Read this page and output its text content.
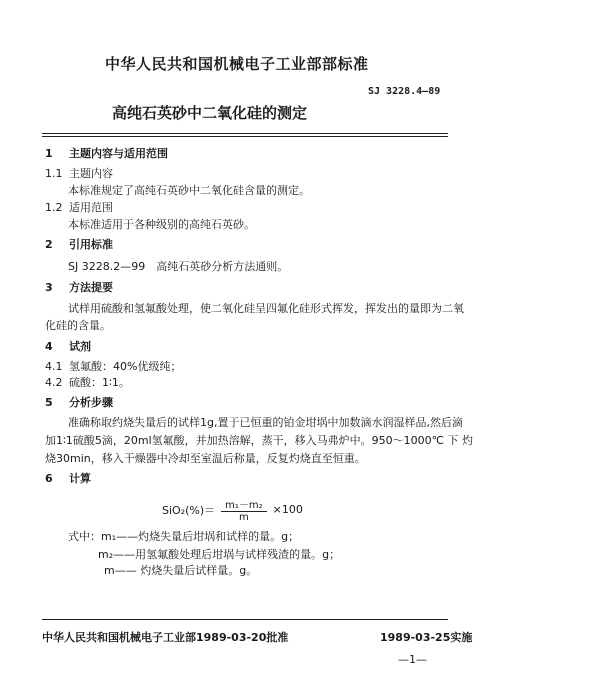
中华人民共和国机械电子工业部部标准
SJ 3228.4—89
高纯石英砂中二氧化硅的测定
1 主题内容与适用范围
1.1 主题内容
本标准规定了高纯石英砂中二氧化硅含量的测定。
1.2 适用范围
本标准适用于各种级别的高纯石英砂。
2 引用标准
SJ 3228.2—99　高纯石英砂分析方法通则。
3 方法提要
试样用硫酸和氢氟酸处理，使二氧化硅呈四氟化硅形式挥发，挥发出的量即为二氧
化硅的含量。
4 试剂
4.1 氢氟酸：40%优级纯；
4.2 硫酸：1∶1。
5 分析步骤
准确称取约烧失量后的试样1g,置于已恒重的铂金坩埚中加数滴水润湿样品,然后滴
加1∶1硫酸5滴，20ml氢氟酸，并加热溶解，蒸干，移入马弗炉中。950～1000℃ 下 灼
烧30min，移入干燥器中冷却至室温后称量，反复灼烧直至恒重。
6 计算
$SiO_2(\%)= \frac{\text{m₁－m₂}}{m} \times 100$
式中：m₁——灼烧失量后坩埚和试样的量。g；
m₂——用氢氟酸处理后坩埚与试样残渣的量。g；
m—— 灼烧失量后试样量。g。
中华人民共和国机械电子工业部1989-03-20批准	1989-03-25实施
—1—
